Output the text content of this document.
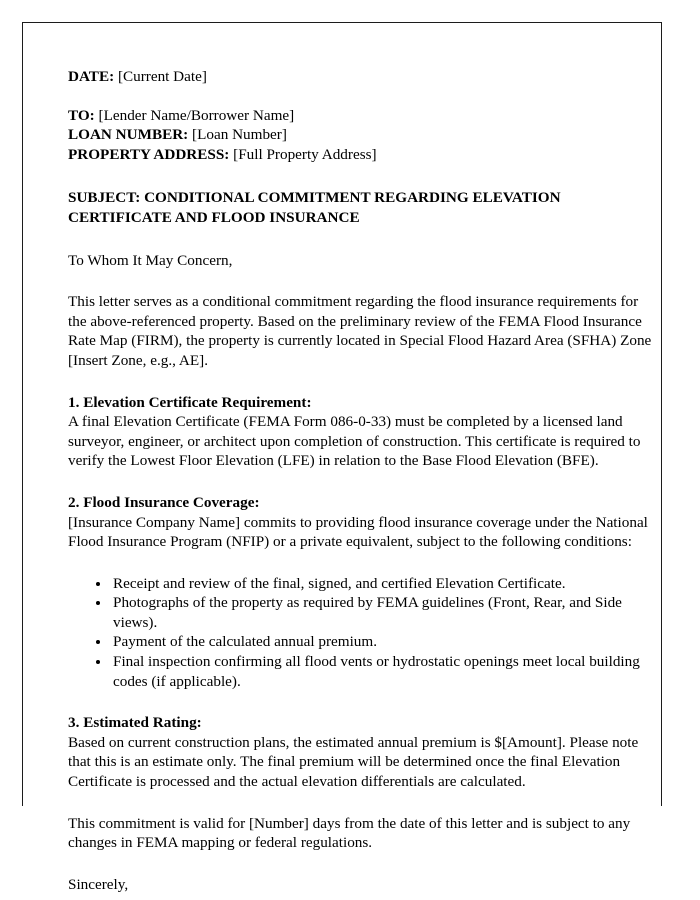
DATE: [Current Date]
TO: [Lender Name/Borrower Name]
LOAN NUMBER: [Loan Number]
PROPERTY ADDRESS: [Full Property Address]
SUBJECT: CONDITIONAL COMMITMENT REGARDING ELEVATION CERTIFICATE AND FLOOD INSURANCE
To Whom It May Concern,
This letter serves as a conditional commitment regarding the flood insurance requirements for the above-referenced property. Based on the preliminary review of the FEMA Flood Insurance Rate Map (FIRM), the property is currently located in Special Flood Hazard Area (SFHA) Zone [Insert Zone, e.g., AE].
1. Elevation Certificate Requirement:
A final Elevation Certificate (FEMA Form 086-0-33) must be completed by a licensed land surveyor, engineer, or architect upon completion of construction. This certificate is required to verify the Lowest Floor Elevation (LFE) in relation to the Base Flood Elevation (BFE).
2. Flood Insurance Coverage:
[Insurance Company Name] commits to providing flood insurance coverage under the National Flood Insurance Program (NFIP) or a private equivalent, subject to the following conditions:
• Receipt and review of the final, signed, and certified Elevation Certificate.
• Photographs of the property as required by FEMA guidelines (Front, Rear, and Side views).
• Payment of the calculated annual premium.
• Final inspection confirming all flood vents or hydrostatic openings meet local building codes (if applicable).
3. Estimated Rating:
Based on current construction plans, the estimated annual premium is $[Amount]. Please note that this is an estimate only. The final premium will be determined once the final Elevation Certificate is processed and the actual elevation differentials are calculated.
This commitment is valid for [Number] days from the date of this letter and is subject to any changes in FEMA mapping or federal regulations.
Sincerely,
